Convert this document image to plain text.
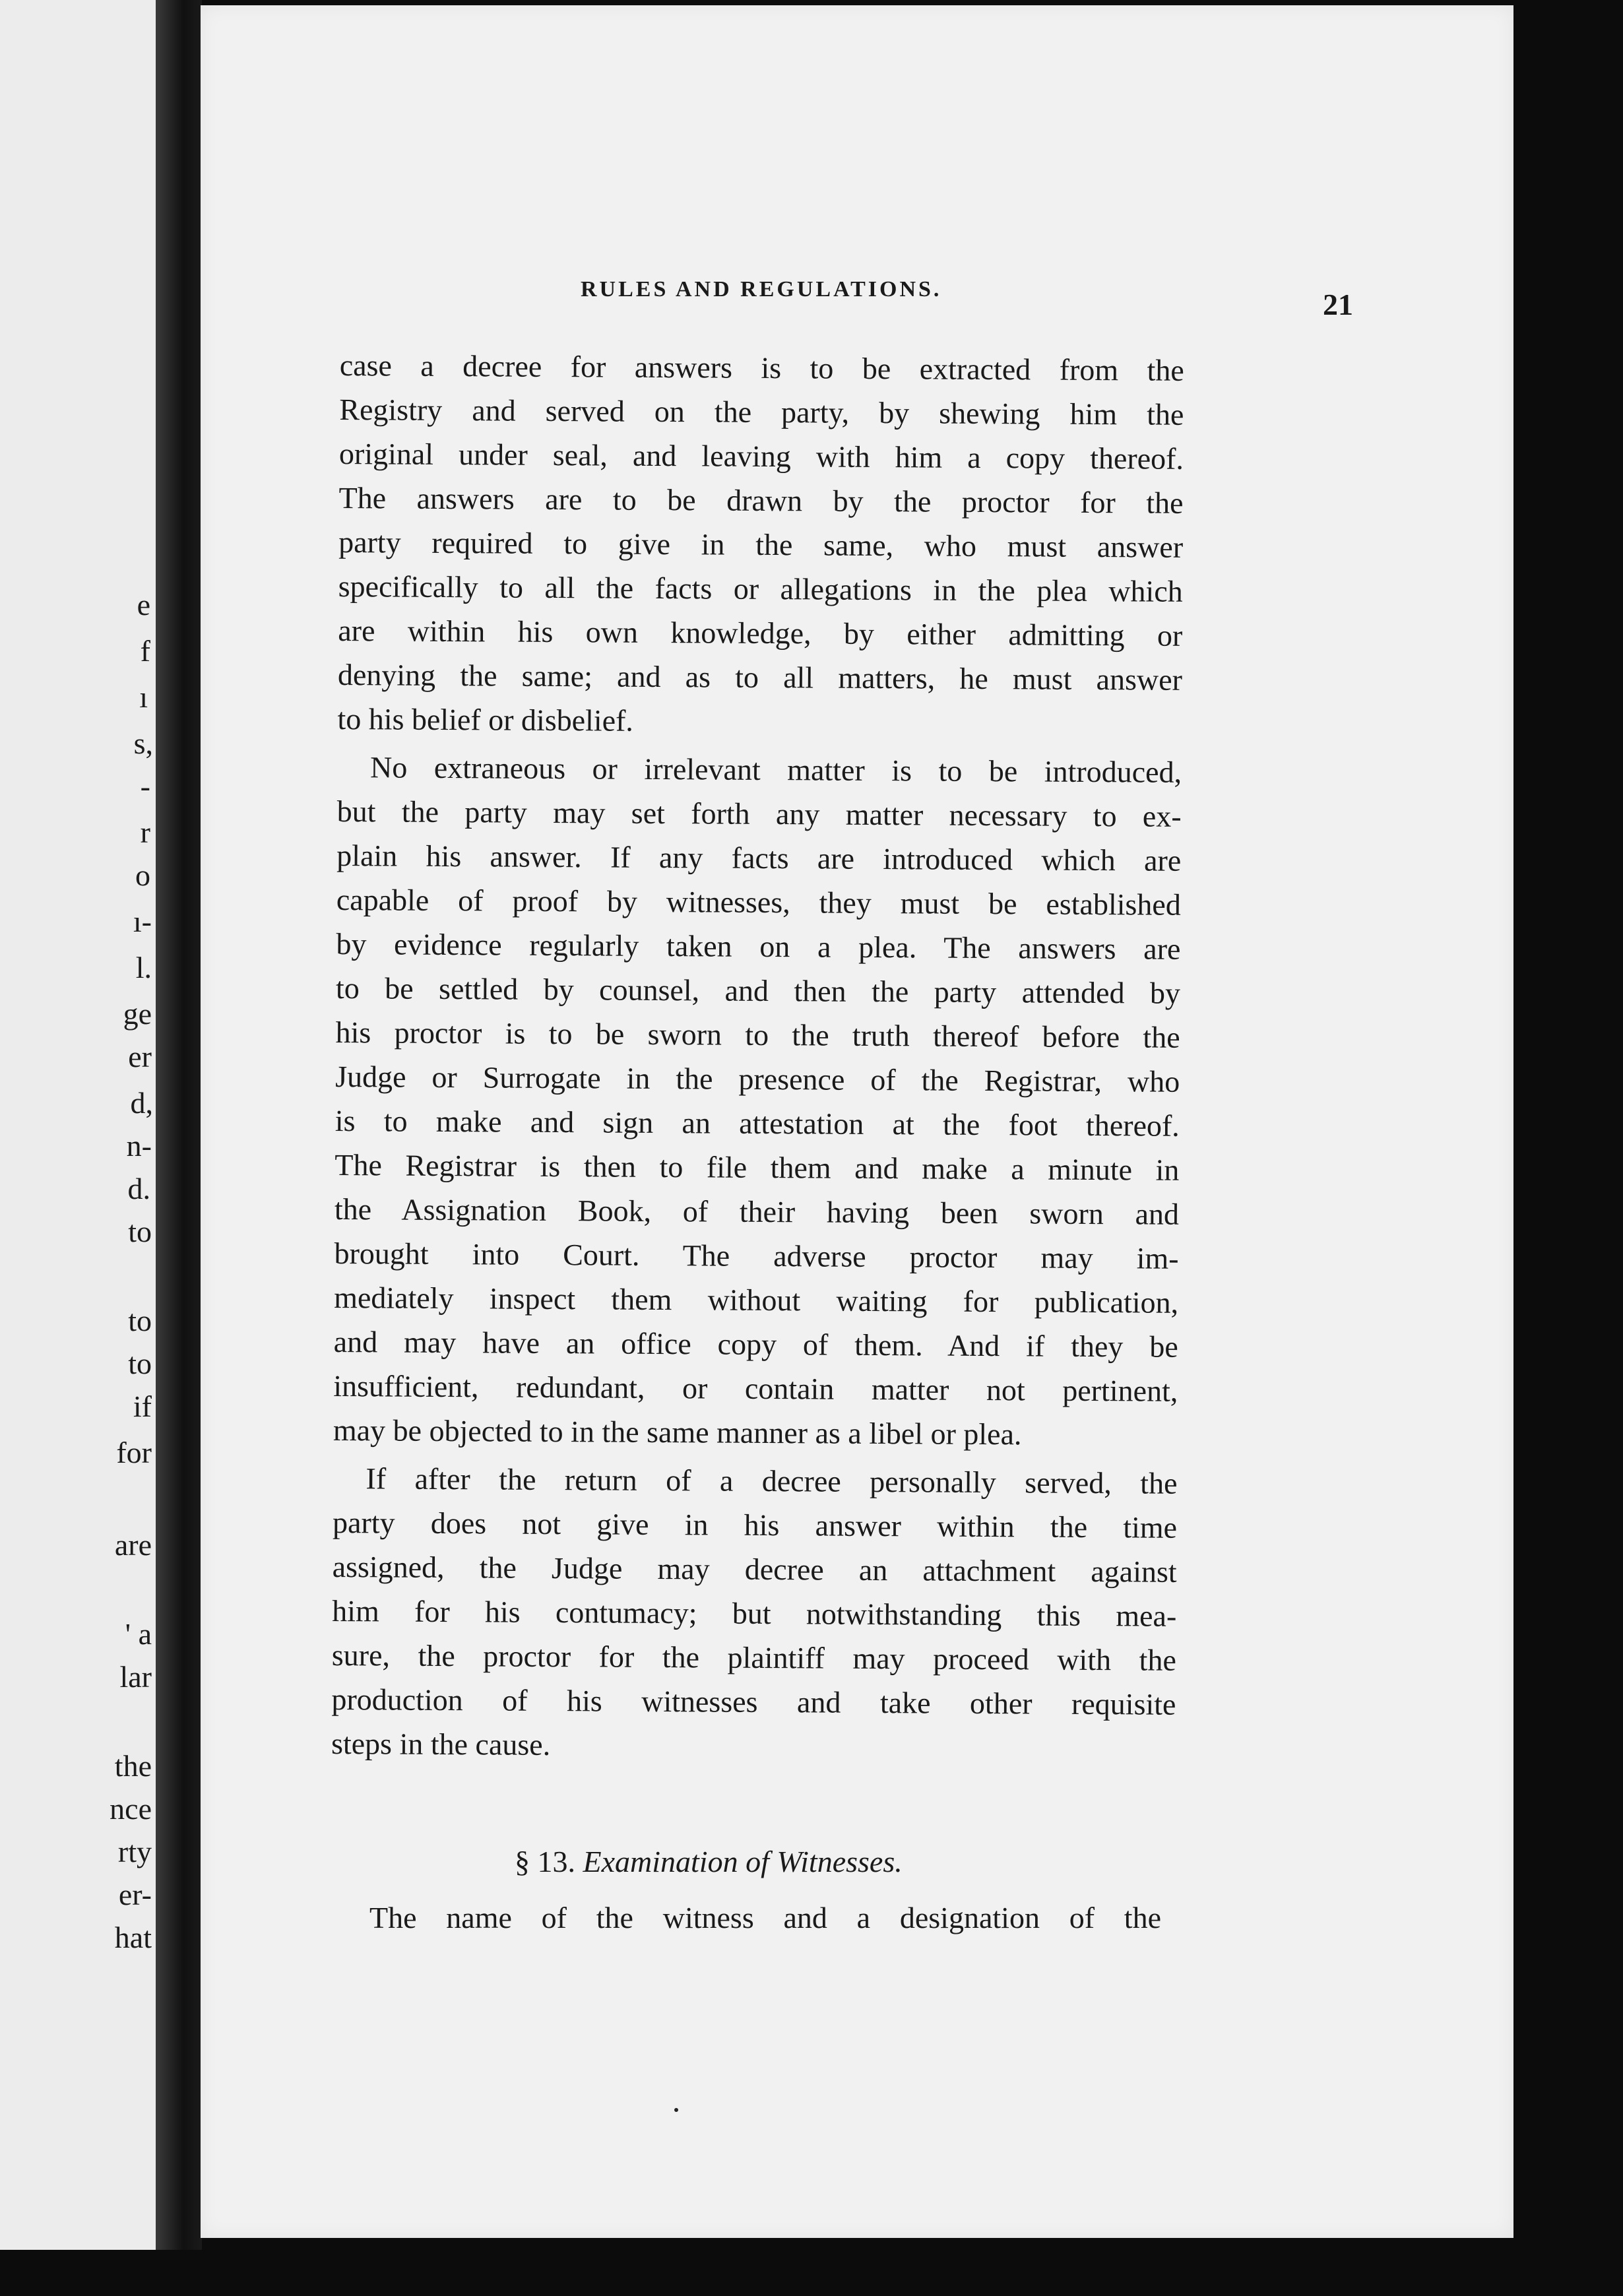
e
f
ı
s,
-
r
o
ı-
l.
ge
er
d,
n-
d.
to
to
to
if
for
are
' a
lar
the
nce
rty
er-
hat
RULES AND REGULATIONS.	21
case a decree for answers is to be extracted from the
Registry and served on the party, by shewing him the
original under seal, and leaving with him a copy thereof.
The answers are to be drawn by the proctor for the
party required to give in the same, who must answer
specifically to all the facts or allegations in the plea which
are within his own knowledge, by either admitting or
denying the same; and as to all matters, he must answer
to his belief or disbelief.
No extraneous or irrelevant matter is to be introduced,
but the party may set forth any matter necessary to ex-
plain his answer. If any facts are introduced which are
capable of proof by witnesses, they must be established
by evidence regularly taken on a plea. The answers are
to be settled by counsel, and then the party attended by
his proctor is to be sworn to the truth thereof before the
Judge or Surrogate in the presence of the Registrar, who
is to make and sign an attestation at the foot thereof.
The Registrar is then to file them and make a minute in
the Assignation Book, of their having been sworn and
brought into Court. The adverse proctor may im-
mediately inspect them without waiting for publication,
and may have an office copy of them. And if they be
insufficient, redundant, or contain matter not pertinent,
may be objected to in the same manner as a libel or plea.
If after the return of a decree personally served, the
party does not give in his answer within the time
assigned, the Judge may decree an attachment against
him for his contumacy; but notwithstanding this mea-
sure, the proctor for the plaintiff may proceed with the
production of his witnesses and take other requisite
steps in the cause.
§ 13. Examination of Witnesses.
The name of the witness and a designation of the
